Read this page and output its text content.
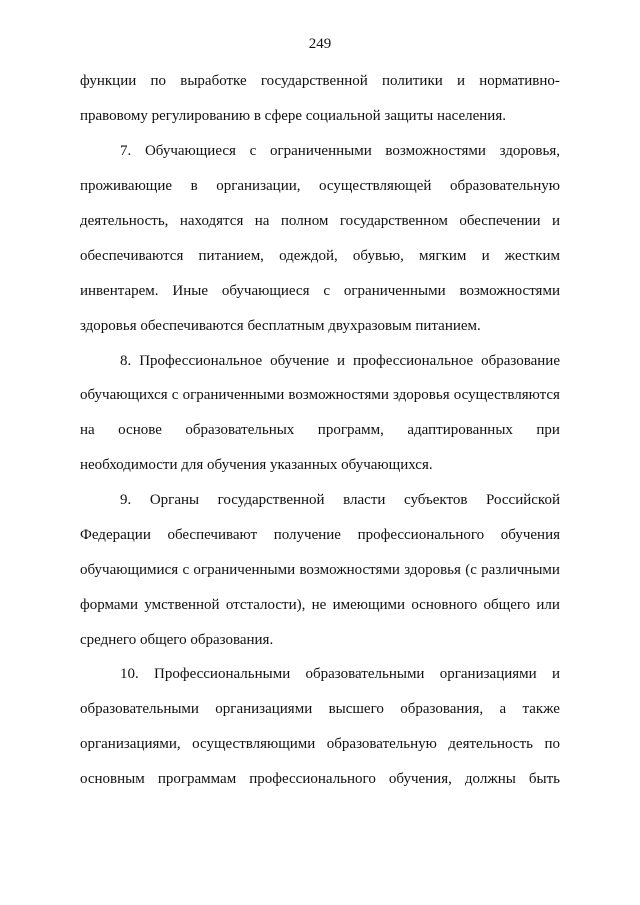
249
функции по выработке государственной политики и нормативно-
правовому регулированию в сфере социальной защиты населения.
7. Обучающиеся с ограниченными возможностями здоровья,
проживающие в организации, осуществляющей образовательную
деятельность, находятся на полном государственном обеспечении и
обеспечиваются питанием, одеждой, обувью, мягким и жестким
инвентарем. Иные обучающиеся с ограниченными возможностями
здоровья обеспечиваются бесплатным двухразовым питанием.
8. Профессиональное обучение и профессиональное образование
обучающихся с ограниченными возможностями здоровья осуществляются
на основе образовательных программ, адаптированных при
необходимости для обучения указанных обучающихся.
9. Органы государственной власти субъектов Российской
Федерации обеспечивают получение профессионального обучения
обучающимися с ограниченными возможностями здоровья (с различными
формами умственной отсталости), не имеющими основного общего или
среднего общего образования.
10. Профессиональными образовательными организациями и
образовательными организациями высшего образования, а также
организациями, осуществляющими образовательную деятельность по
основным программам профессионального обучения, должны быть
